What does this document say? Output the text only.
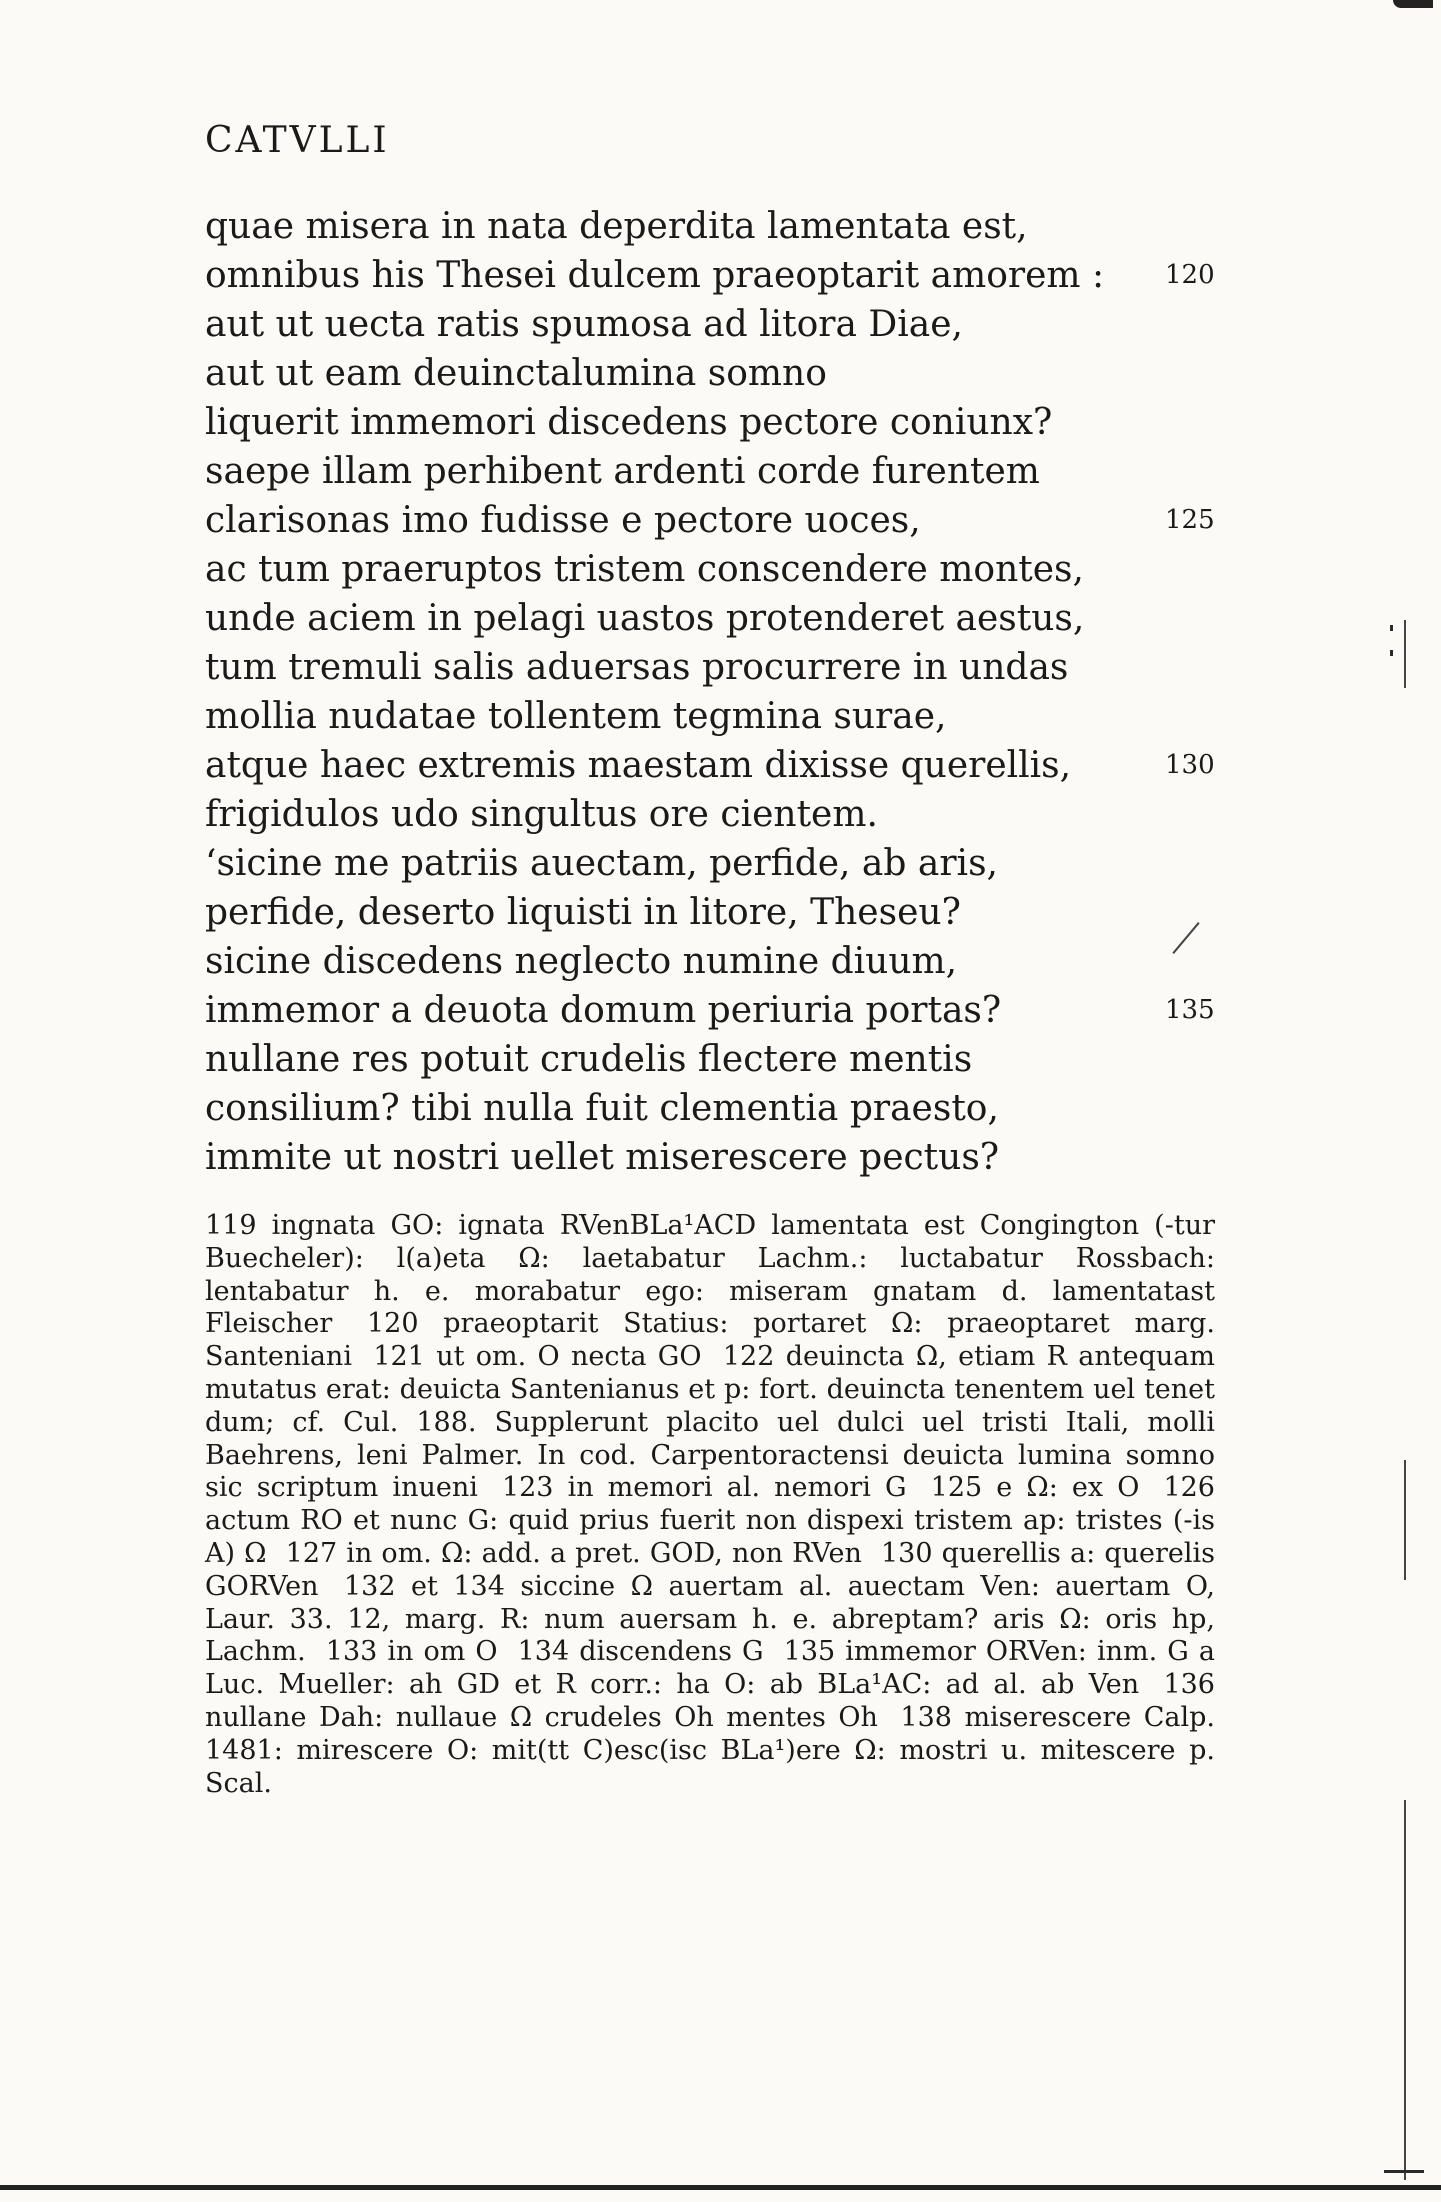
CATVLLI
quae misera in nata deperdita lamentata est,
omnibus his Thesei dulcem praeoptarit amorem : 120
aut ut uecta ratis spumosa ad litora Diae,
aut ut eam deuinctalumina somno
liquerit immemori discedens pectore coniunx?
saepe illam perhibent ardenti corde furentem
clarisonas imo fudisse e pectore uoces,	125
ac tum praeruptos tristem conscendere montes,
unde aciem in pelagi uastos protenderet aestus,
tum tremuli salis aduersas procurrere in undas
mollia nudatae tollentem tegmina surae,
atque haec extremis maestam dixisse querellis,	130
frigidulos udo singultus ore cientem.
‘sicine me patriis auectam, perfide, ab aris,
perfide, deserto liquisti in litore, Theseu?
sicine discedens neglecto numine diuum,
immemor a deuota domum periuria portas?	135
nullane res potuit crudelis flectere mentis
consilium? tibi nulla fuit clementia praesto,
immite ut nostri uellet miserescere pectus?

119 ingnata GO: ignata RVenBLa¹ACD lamentata est Congington (-tur Buecheler): l(a)eta Ω: laetabatur Lachm.: luctabatur Rossbach: lentabatur h. e. morabatur ego: miseram gnatam d. lamentatast Fleischer 120 praeoptarit Statius: portaret Ω: praeoptaret marg. Santeniani 121 ut om. O necta GO 122 deuincta Ω, etiam R antequam mutatus erat: deuicta Santenianus et p: fort. deuincta tenentem uel tenet dum; cf. Cul. 188. Supplerunt placito uel dulci uel tristi Itali, molli Baehrens, leni Palmer. In cod. Carpentoractensi deuicta lumina somno sic scriptum inueni 123 in memori al. nemori G 125 e Ω: ex O 126 actum RO et nunc G: quid prius fuerit non dispexi tristem ap: tristes (-is A) Ω 127 in om. Ω: add. a pret. GOD, non RVen 130 querellis a: querelis GORVen 132 et 134 siccine Ω auertam al. auectam Ven: auertam O, Laur. 33. 12, marg. R: num auersam h. e. abreptam? aris Ω: oris hp, Lachm. 133 in om O 134 discendens G 135 immemor ORVen: inm. G a Luc. Mueller: ah GD et R corr.: ha O: ab BLa¹AC: ad al. ab Ven 136 nullane Dah: nullaue Ω crudeles Oh mentes Oh 138 miserescere Calp. 1481: mirescere O: mit(tt C)esc(isc BLa¹)ere Ω: mostri u. mitescere p. Scal.
